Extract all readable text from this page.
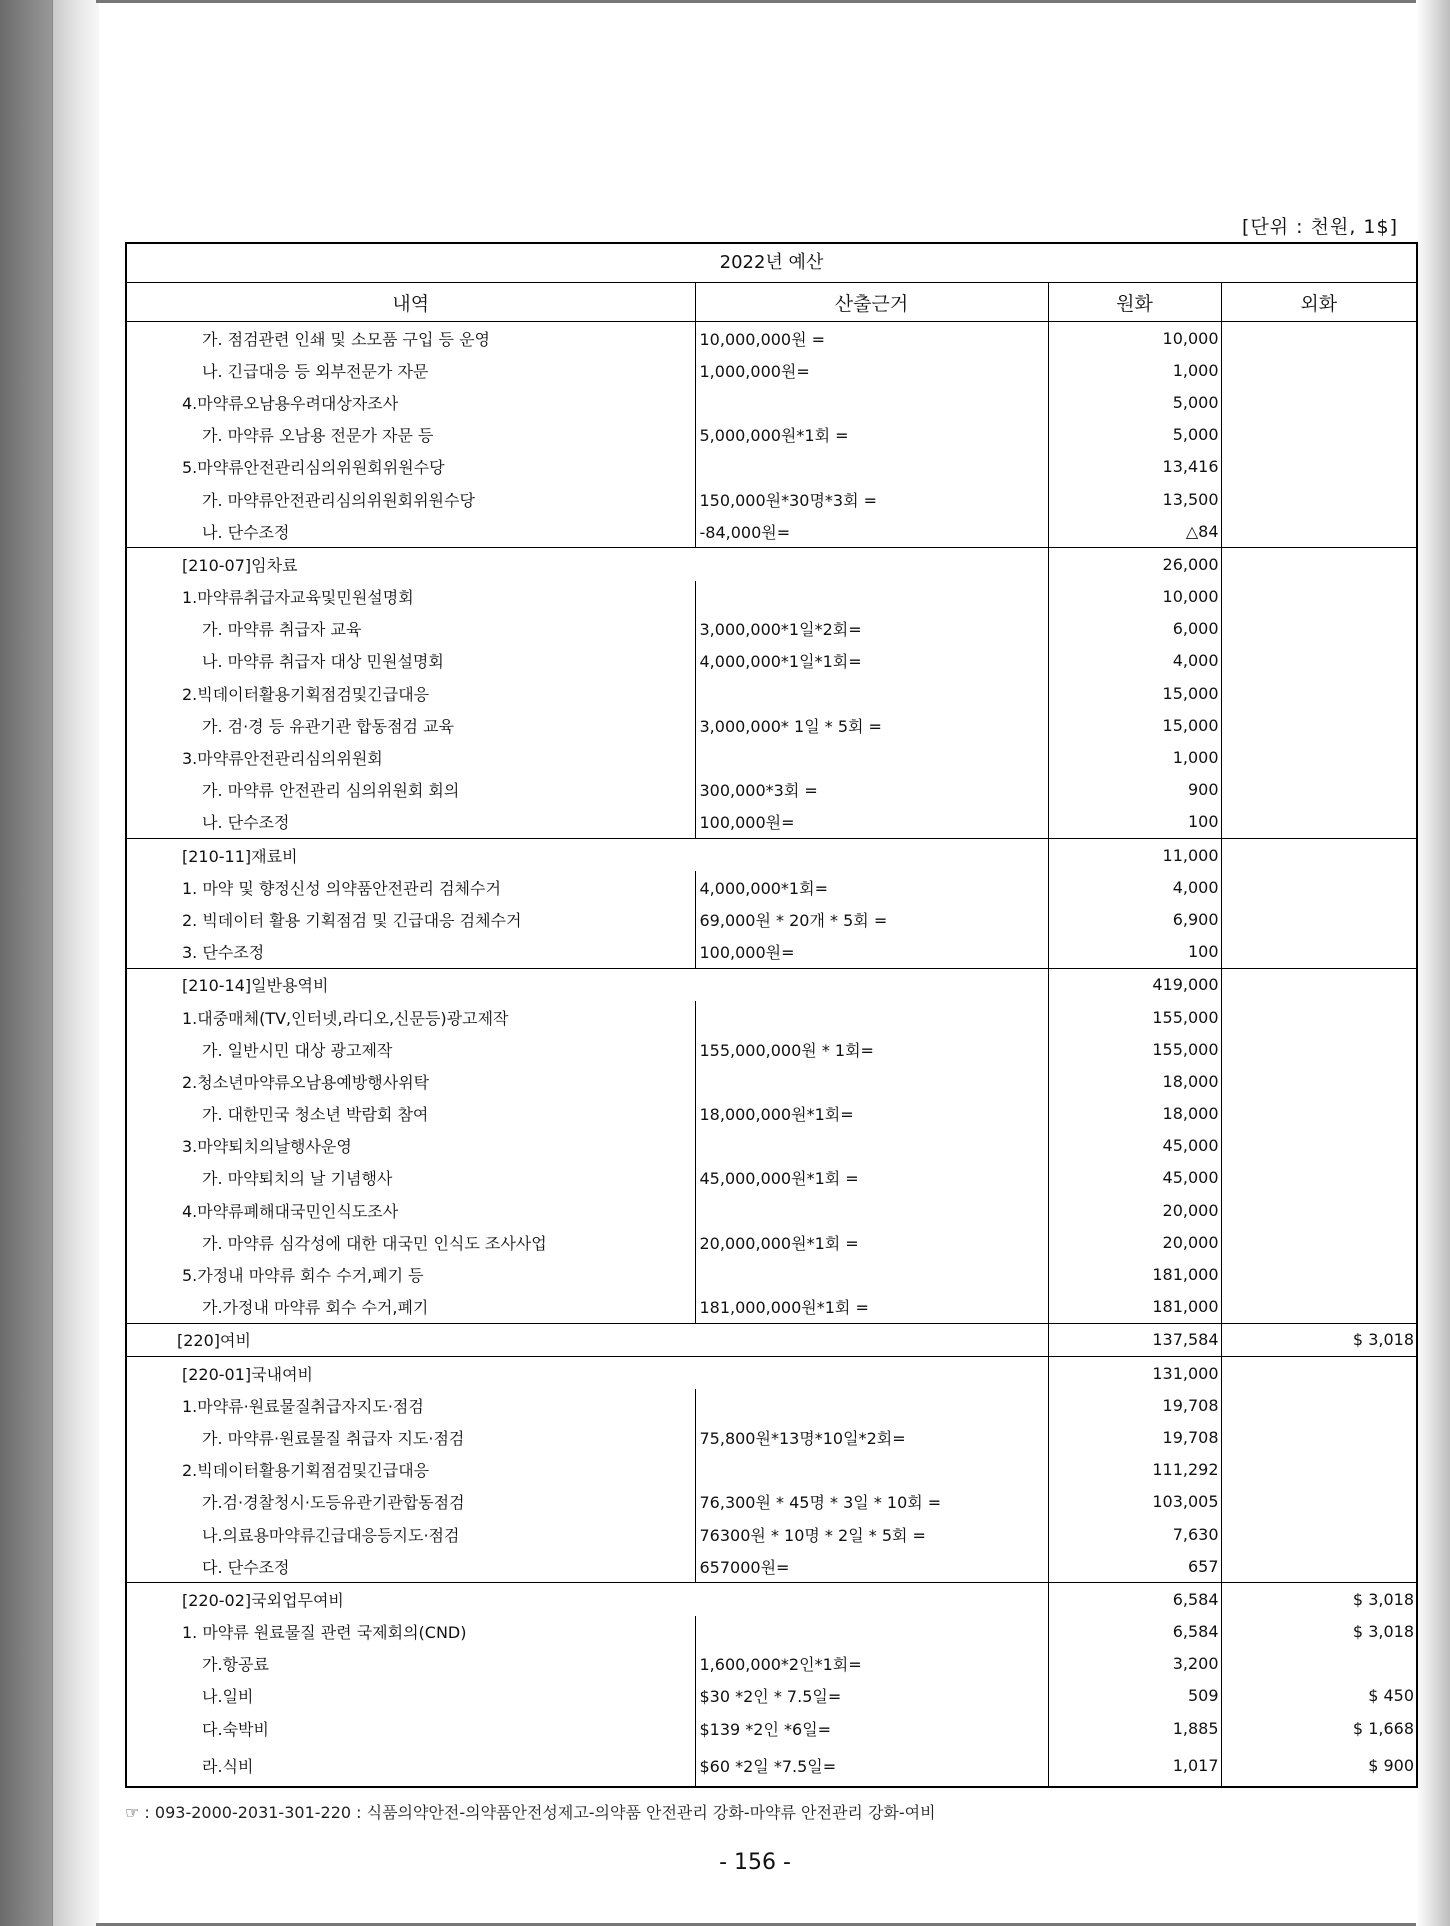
[단위 : 천원, 1$]
2022년 예산
내역	산출근거	원화	외화
가. 점검관련 인쇄 및 소모품 구입 등 운영	10,000,000원 =	10,000	
나. 긴급대응 등 외부전문가 자문	1,000,000원=	1,000	
4.마약류오남용우려대상자조사		5,000	
가. 마약류 오남용 전문가 자문 등	5,000,000원*1회 =	5,000	
5.마약류안전관리심의위원회위원수당		13,416	
가. 마약류안전관리심의위원회위원수당	150,000원*30명*3회 =	13,500	
나. 단수조정	-84,000원=	△84	
[210-07]임차료		26,000	
1.마약류취급자교육및민원설명회		10,000	
가. 마약류 취급자 교육	3,000,000*1일*2회=	6,000	
나. 마약류 취급자 대상 민원설명회	4,000,000*1일*1회=	4,000	
2.빅데이터활용기획점검및긴급대응		15,000	
가. 검·경 등 유관기관 합동점검 교육	3,000,000* 1일 * 5회 =	15,000	
3.마약류안전관리심의위원회		1,000	
가. 마약류 안전관리 심의위원회 회의	300,000*3회 =	900	
나. 단수조정	100,000원=	100	
[210-11]재료비		11,000	
1. 마약 및 향정신성 의약품안전관리 검체수거	4,000,000*1회=	4,000	
2. 빅데이터 활용 기획점검 및 긴급대응 검체수거	69,000원 * 20개 * 5회 =	6,900	
3. 단수조정	100,000원=	100	
[210-14]일반용역비		419,000	
1.대중매체(TV,인터넷,라디오,신문등)광고제작		155,000	
가. 일반시민 대상 광고제작	155,000,000원 * 1회=	155,000	
2.청소년마약류오남용예방행사위탁		18,000	
가. 대한민국 청소년 박람회 참여	18,000,000원*1회=	18,000	
3.마약퇴치의날행사운영		45,000	
가. 마약퇴치의 날 기념행사	45,000,000원*1회 =	45,000	
4.마약류폐해대국민인식도조사		20,000	
가. 마약류 심각성에 대한 대국민 인식도 조사사업	20,000,000원*1회 =	20,000	
5.가정내 마약류 회수 수거,폐기 등		181,000	
가.가정내 마약류 회수 수거,폐기	181,000,000원*1회 =	181,000	
[220]여비		137,584	$ 3,018
[220-01]국내여비		131,000	
1.마약류·원료물질취급자지도·점검		19,708	
가. 마약류·원료물질 취급자 지도·점검	75,800원*13명*10일*2회=	19,708	
2.빅데이터활용기획점검및긴급대응		111,292	
가.검·경찰청시·도등유관기관합동점검	76,300원 * 45명 * 3일 * 10회 =	103,005	
나.의료용마약류긴급대응등지도·점검	76300원 * 10명 * 2일 * 5회 =	7,630	
다. 단수조정	657000원=	657	
[220-02]국외업무여비		6,584	$ 3,018
1. 마약류 원료물질 관련 국제회의(CND)		6,584	$ 3,018
가.항공료	1,600,000*2인*1회=	3,200	
나.일비	$30 *2인 * 7.5일=	509	$ 450
다.숙박비	$139 *2인 *6일=	1,885	$ 1,668
라.식비	$60 *2일 *7.5일=	1,017	$ 900
☞ : 093-2000-2031-301-220 : 식품의약안전-의약품안전성제고-의약품 안전관리 강화-마약류 안전관리 강화-여비
- 156 -
